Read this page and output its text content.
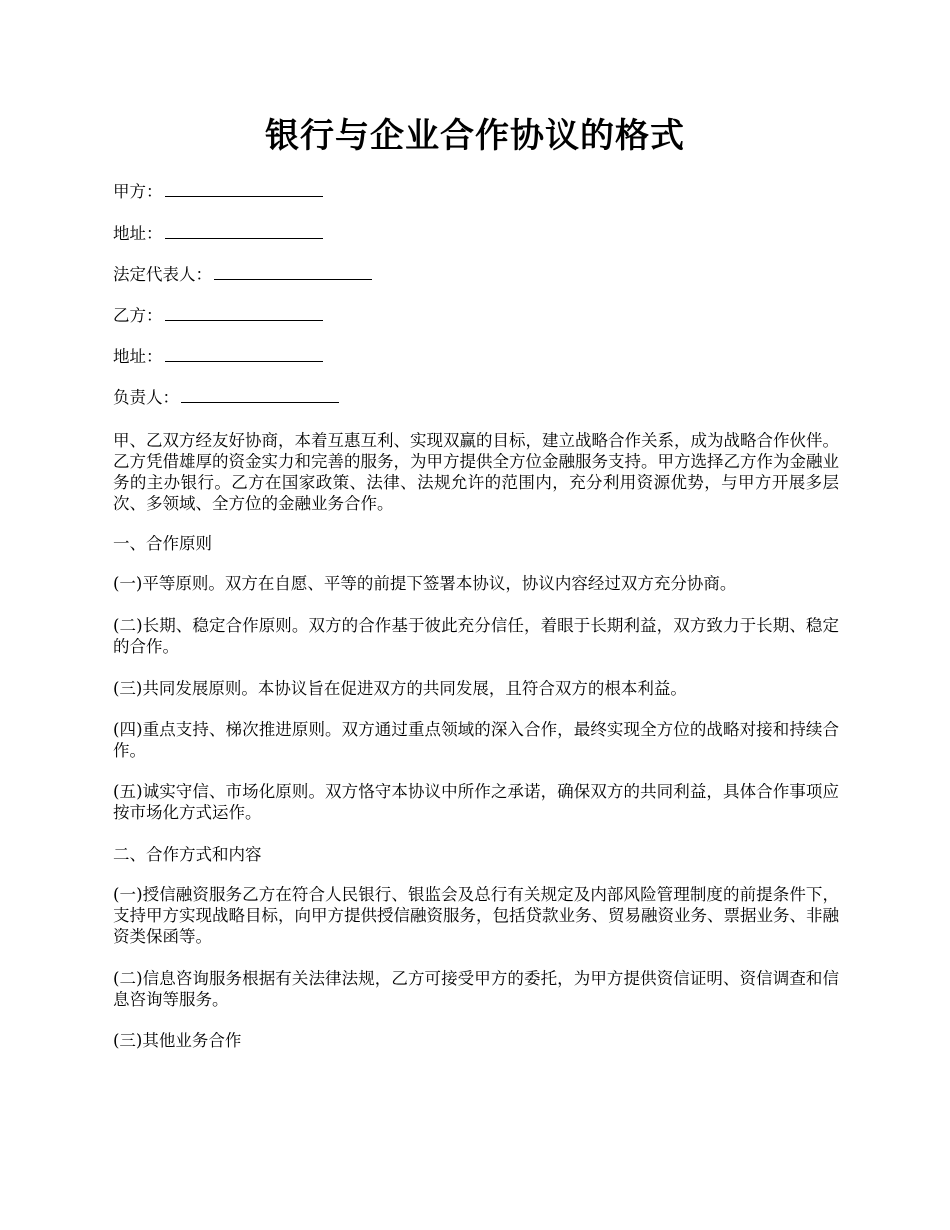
银行与企业合作协议的格式
甲方：
地址：
法定代表人：
乙方：
地址：
负责人：
甲、乙双方经友好协商，本着互惠互利、实现双赢的目标，建立战略合作关系，成为战略合作伙伴。乙方凭借雄厚的资金实力和完善的服务，为甲方提供全方位金融服务支持。甲方选择乙方作为金融业务的主办银行。乙方在国家政策、法律、法规允许的范围内，充分利用资源优势，与甲方开展多层次、多领域、全方位的金融业务合作。
一、合作原则
(一)平等原则。双方在自愿、平等的前提下签署本协议，协议内容经过双方充分协商。
(二)长期、稳定合作原则。双方的合作基于彼此充分信任，着眼于长期利益，双方致力于长期、稳定的合作。
(三)共同发展原则。本协议旨在促进双方的共同发展，且符合双方的根本利益。
(四)重点支持、梯次推进原则。双方通过重点领域的深入合作，最终实现全方位的战略对接和持续合作。
(五)诚实守信、市场化原则。双方恪守本协议中所作之承诺，确保双方的共同利益，具体合作事项应按市场化方式运作。
二、合作方式和内容
(一)授信融资服务乙方在符合人民银行、银监会及总行有关规定及内部风险管理制度的前提条件下，支持甲方实现战略目标，向甲方提供授信融资服务，包括贷款业务、贸易融资业务、票据业务、非融资类保函等。
(二)信息咨询服务根据有关法律法规，乙方可接受甲方的委托，为甲方提供资信证明、资信调查和信息咨询等服务。
(三)其他业务合作
